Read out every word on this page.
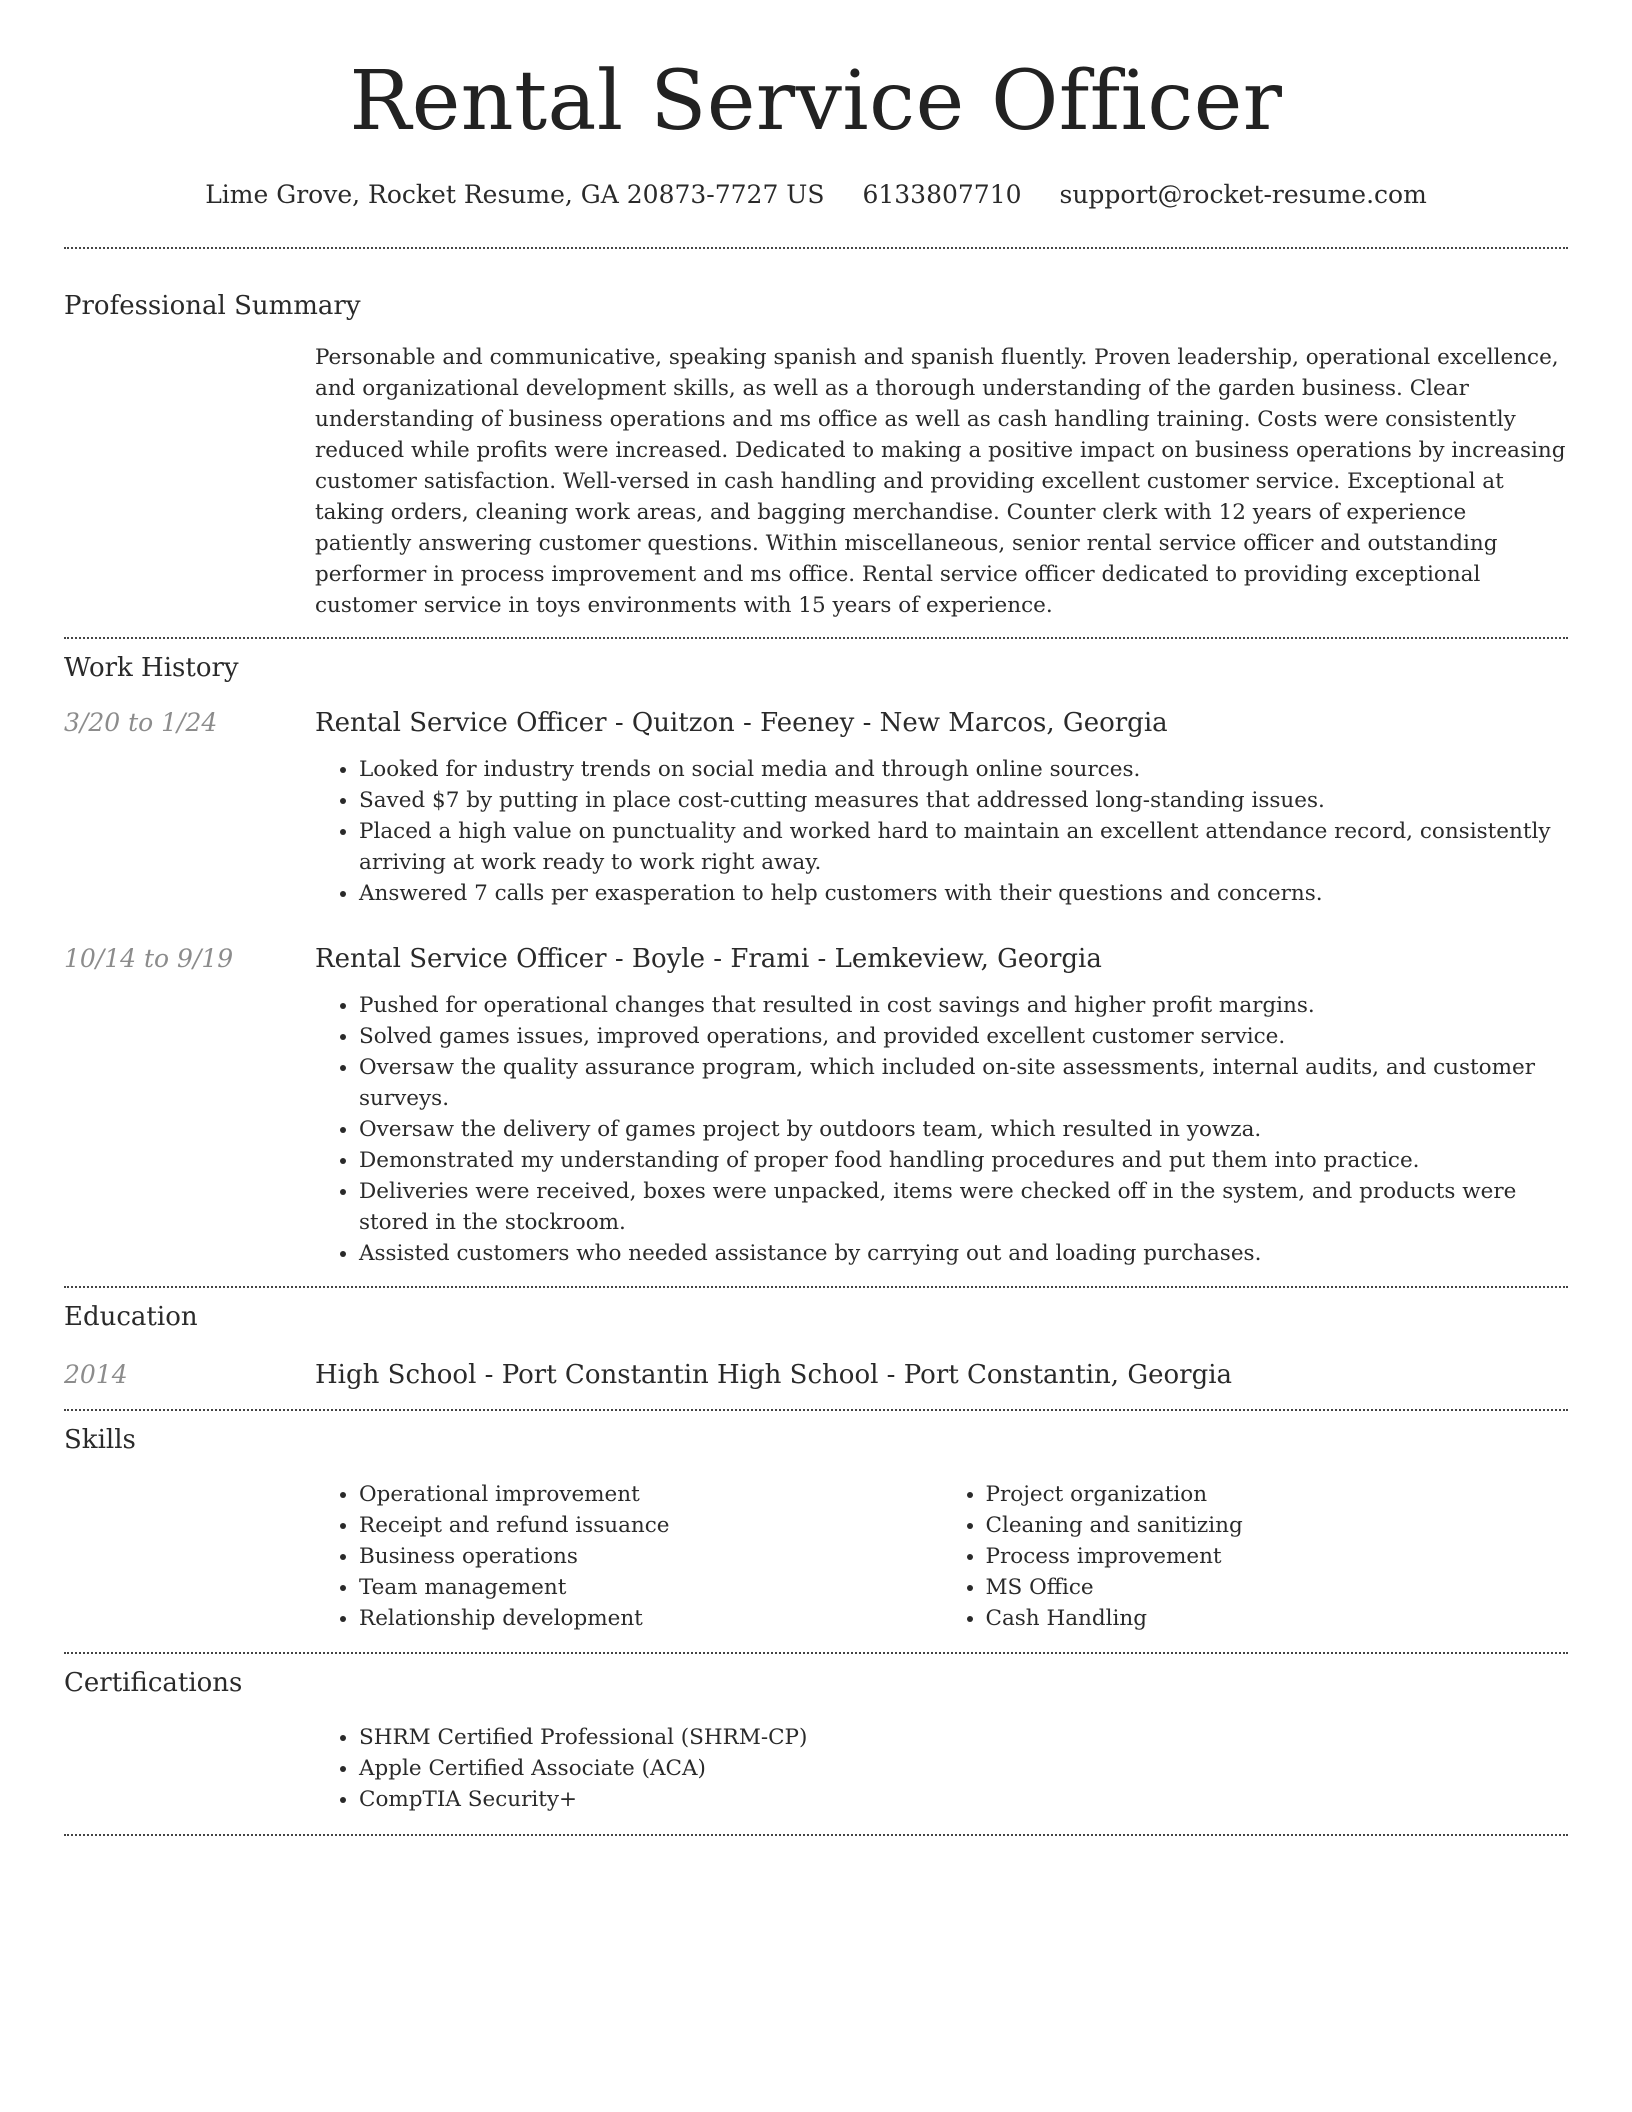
Rental Service Officer
Lime Grove, Rocket Resume, GA 20873-7727 US 6133807710 support@rocket-resume.com
Professional Summary

Personable and communicative, speaking spanish and spanish fluently. Proven leadership, operational excellence, and organizational development skills, as well as a thorough understanding of the garden business. Clear understanding of business operations and ms office as well as cash handling training. Costs were consistently reduced while profits were increased. Dedicated to making a positive impact on business operations by increasing customer satisfaction. Well-versed in cash handling and providing excellent customer service. Exceptional at taking orders, cleaning work areas, and bagging merchandise. Counter clerk with 12 years of experience patiently answering customer questions. Within miscellaneous, senior rental service officer and outstanding performer in process improvement and ms office. Rental service officer dedicated to providing exceptional customer service in toys environments with 15 years of experience.

Work History
3/20 to 1/24	Rental Service Officer - Quitzon - Feeney - New Marcos, Georgia
• Looked for industry trends on social media and through online sources.
• Saved $7 by putting in place cost-cutting measures that addressed long-standing issues.
• Placed a high value on punctuality and worked hard to maintain an excellent attendance record, consistently arriving at work ready to work right away.
• Answered 7 calls per exasperation to help customers with their questions and concerns.
10/14 to 9/19	Rental Service Officer - Boyle - Frami - Lemkeview, Georgia
• Pushed for operational changes that resulted in cost savings and higher profit margins.
• Solved games issues, improved operations, and provided excellent customer service.
• Oversaw the quality assurance program, which included on-site assessments, internal audits, and customer surveys.
• Oversaw the delivery of games project by outdoors team, which resulted in yowza.
• Demonstrated my understanding of proper food handling procedures and put them into practice.
• Deliveries were received, boxes were unpacked, items were checked off in the system, and products were stored in the stockroom.
• Assisted customers who needed assistance by carrying out and loading purchases.
Education
2014	High School - Port Constantin High School - Port Constantin, Georgia
Skills
• Operational improvement
• Receipt and refund issuance
• Business operations
• Team management
• Relationship development
• Project organization
• Cleaning and sanitizing
• Process improvement
• MS Office
• Cash Handling
Certifications
• SHRM Certified Professional (SHRM-CP)
• Apple Certified Associate (ACA)
• CompTIA Security+
